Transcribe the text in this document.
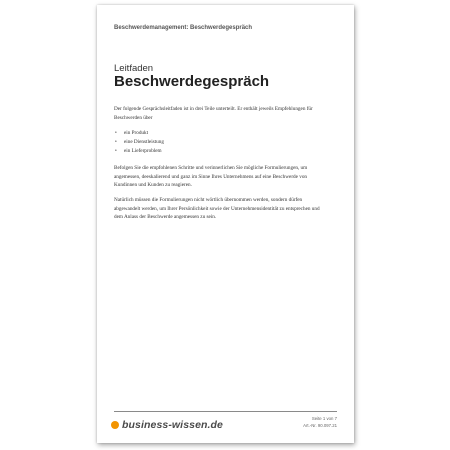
Beschwerdemanagement: Beschwerdegespräch
Leitfaden
Beschwerdegespräch

Der folgende Gesprächsleitfaden ist in drei Teile unterteilt. Er enthält jeweils Empfehlungen für Beschwerden über

• ein Produkt
• eine Dienstleistung
• ein Lieferproblem

Befolgen Sie die empfohlenen Schritte und verinnerlichen Sie mögliche Formulierungen, um angemessen, deeskalierend und ganz im Sinne Ihres Unternehmens auf eine Beschwerde von Kundinnen und Kunden zu reagieren.

Natürlich müssen die Formulierungen nicht wörtlich übernommen werden, sondern dürfen abgewandelt werden, um Ihrer Persönlichkeit sowie der Unternehmensidentität zu entsprechen und dem Anlass der Beschwerde angemessen zu sein.

business-wissen.de
Seite 1 von 7
Art.-Nr. 90.097.21
